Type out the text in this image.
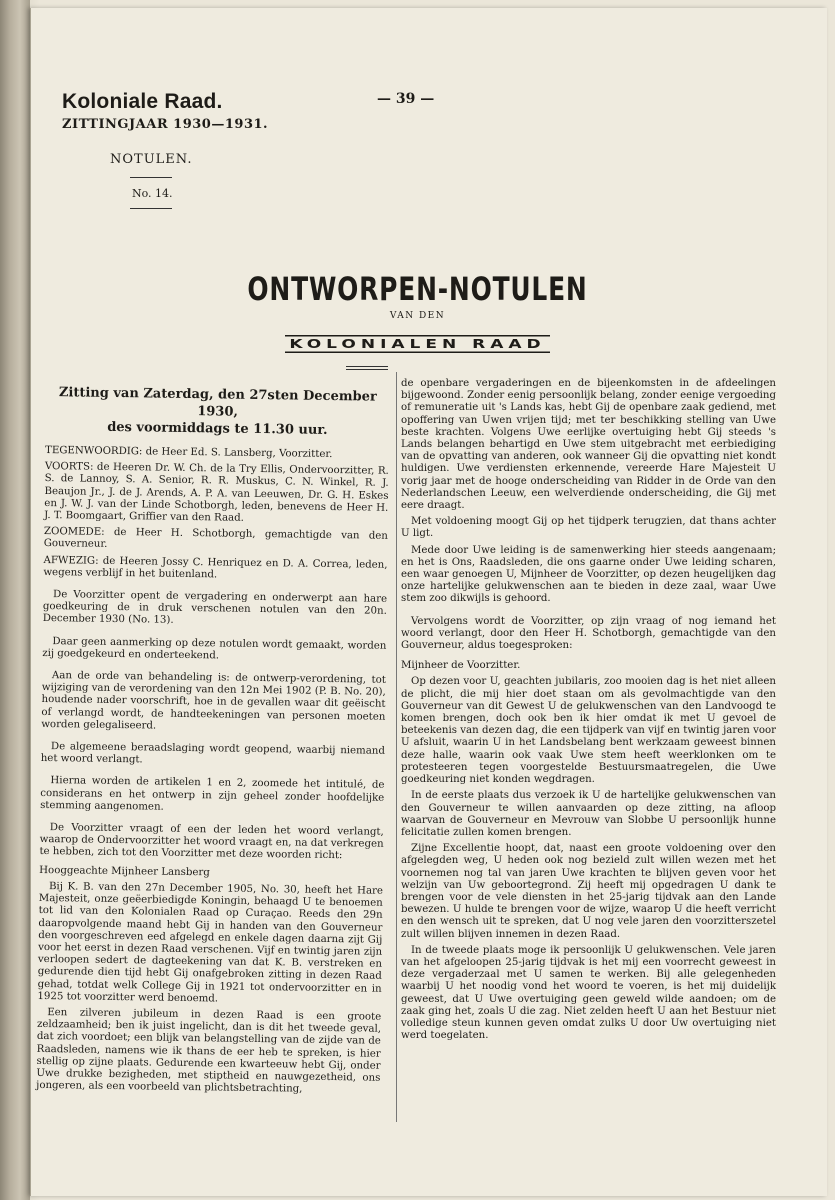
Koloniale Raad.
ZITTINGJAAR 1930—1931.
— 39 —
NOTULEN.
No. 14.
ONTWORPEN-NOTULEN
VAN DEN
KOLONIALEN RAAD
Zitting van Zaterdag, den 27sten December 1930,
des voormiddags te 11.30 uur.

TEGENWOORDIG: de Heer Ed. S. Lansberg, Voorzitter.

VOORTS: de Heeren Dr. W. Ch. de la Try Ellis, Ondervoorzitter, R. S. de Lannoy, S. A. Senior, R. R. Muskus, C. N. Winkel, R. J. Beaujon Jr., J. de J. Arends, A. P. A. van Leeuwen, Dr. G. H. Eskes en J. W. J. van der Linde Schotborgh, leden, benevens de Heer H. J. T. Boomgaart, Griffier van den Raad.

ZOOMEDE: de Heer H. Schotborgh, gemachtigde van den Gouverneur.

AFWEZIG: de Heeren Jossy C. Henriquez en D. A. Correa, leden, wegens verblijf in het buitenland.

De Voorzitter opent de vergadering en onderwerpt aan hare goedkeuring de in druk verschenen notulen van den 20n. December 1930 (No. 13).

Daar geen aanmerking op deze notulen wordt gemaakt, worden zij goedgekeurd en onderteekend.

Aan de orde van behandeling is: de ontwerp-verordening, tot wijziging van de verordening van den 12n Mei 1902 (P. B. No. 20), houdende nader voorschrift, hoe in de gevallen waar dit geëischt of verlangd wordt, de handteekeningen van personen moeten worden gelegaliseerd.

De algemeene beraadslaging wordt geopend, waarbij niemand het woord verlangt.

Hierna worden de artikelen 1 en 2, zoomede het intitulé, de considerans en het ontwerp in zijn geheel zonder hoofdelijke stemming aangenomen.

De Voorzitter vraagt of een der leden het woord verlangt, waarop de Ondervoorzitter het woord vraagt en, na dat verkregen te hebben, zich tot den Voorzitter met deze woorden richt:

Hooggeachte Mijnheer Lansberg

Bij K. B. van den 27n December 1905, No. 30, heeft het Hare Majesteit, onze geëerbiedigde Koningin, behaagd U te benoemen tot lid van den Kolonialen Raad op Curaçao. Reeds den 29n daaropvolgende maand hebt Gij in handen van den Gouverneur den voorgeschreven eed afgelegd en enkele dagen daarna zijt Gij voor het eerst in dezen Raad verschenen. Vijf en twintig jaren zijn verloopen sedert de dagteekening van dat K. B. verstreken en gedurende dien tijd hebt Gij onafgebroken zitting in dezen Raad gehad, totdat welk College Gij in 1921 tot ondervoorzitter en in 1925 tot voorzitter werd benoemd.

Een zilveren jubileum in dezen Raad is een groote zeldzaamheid; ben ik juist ingelicht, dan is dit het tweede geval, dat zich voordoet; een blijk van belangstelling van de zijde van de Raadsleden, namens wie ik thans de eer heb te spreken, is hier stellig op zijne plaats. Gedurende een kwarteeuw hebt Gij, onder Uwe drukke bezigheden, met stiptheid en nauwgezetheid, ons jongeren, als een voorbeeld van plichtsbetrachting,

de openbare vergaderingen en de bijeenkomsten in de afdeelingen bijgewoond. Zonder eenig persoonlijk belang, zonder eenige vergoeding of remuneratie uit 's Lands kas, hebt Gij de openbare zaak gediend, met opoffering van Uwen vrijen tijd; met ter beschikking stelling van Uwe beste krachten. Volgens Uwe eerlijke overtuiging hebt Gij steeds 's Lands belangen behartigd en Uwe stem uitgebracht met eerbiediging van de opvatting van anderen, ook wanneer Gij die opvatting niet kondt huldigen. Uwe verdiensten erkennende, vereerde Hare Majesteit U vorig jaar met de hooge onderscheiding van Ridder in de Orde van den Nederlandschen Leeuw, een welverdiende onderscheiding, die Gij met eere draagt.

Met voldoening moogt Gij op het tijdperk terugzien, dat thans achter U ligt.

Mede door Uwe leiding is de samenwerking hier steeds aangenaam; en het is Ons, Raadsleden, die ons gaarne onder Uwe leiding scharen, een waar genoegen U, Mijnheer de Voorzitter, op dezen heugelijken dag onze hartelijke gelukwenschen aan te bieden in deze zaal, waar Uwe stem zoo dikwijls is gehoord.

Vervolgens wordt de Voorzitter, op zijn vraag of nog iemand het woord verlangt, door den Heer H. Schotborgh, gemachtigde van den Gouverneur, aldus toegesproken:

Mijnheer de Voorzitter.

Op dezen voor U, geachten jubilaris, zoo mooien dag is het niet alleen de plicht, die mij hier doet staan om als gevolmachtigde van den Gouverneur van dit Gewest U de gelukwenschen van den Landvoogd te komen brengen, doch ook ben ik hier omdat ik met U gevoel de beteekenis van dezen dag, die een tijdperk van vijf en twintig jaren voor U afsluit, waarin U in het Landsbelang bent werkzaam geweest binnen deze halle, waarin ook vaak Uwe stem heeft weerklonken om te protesteeren tegen voorgestelde Bestuursmaatregelen, die Uwe goedkeuring niet konden wegdragen.

In de eerste plaats dus verzoek ik U de hartelijke gelukwenschen van den Gouverneur te willen aanvaarden op deze zitting, na afloop waarvan de Gouverneur en Mevrouw van Slobbe U persoonlijk hunne felicitatie zullen komen brengen.

Zijne Excellentie hoopt, dat, naast een groote voldoening over den afgelegden weg, U heden ook nog bezield zult willen wezen met het voornemen nog tal van jaren Uwe krachten te blijven geven voor het welzijn van Uw geboortegrond. Zij heeft mij opgedragen U dank te brengen voor de vele diensten in het 25-jarig tijdvak aan den Lande bewezen. U hulde te brengen voor de wijze, waarop U die heeft verricht en den wensch uit te spreken, dat U nog vele jaren den voorzitterszetel zult willen blijven innemen in dezen Raad.

In de tweede plaats moge ik persoonlijk U gelukwenschen. Vele jaren van het afgeloopen 25-jarig tijdvak is het mij een voorrecht geweest in deze vergaderzaal met U samen te werken. Bij alle gelegenheden waarbij U het noodig vond het woord te voeren, is het mij duidelijk geweest, dat U Uwe overtuiging geen geweld wilde aandoen; om de zaak ging het, zoals U die zag. Niet zelden heeft U aan het Bestuur niet volledige steun kunnen geven omdat zulks U door Uw overtuiging niet werd toegelaten.
